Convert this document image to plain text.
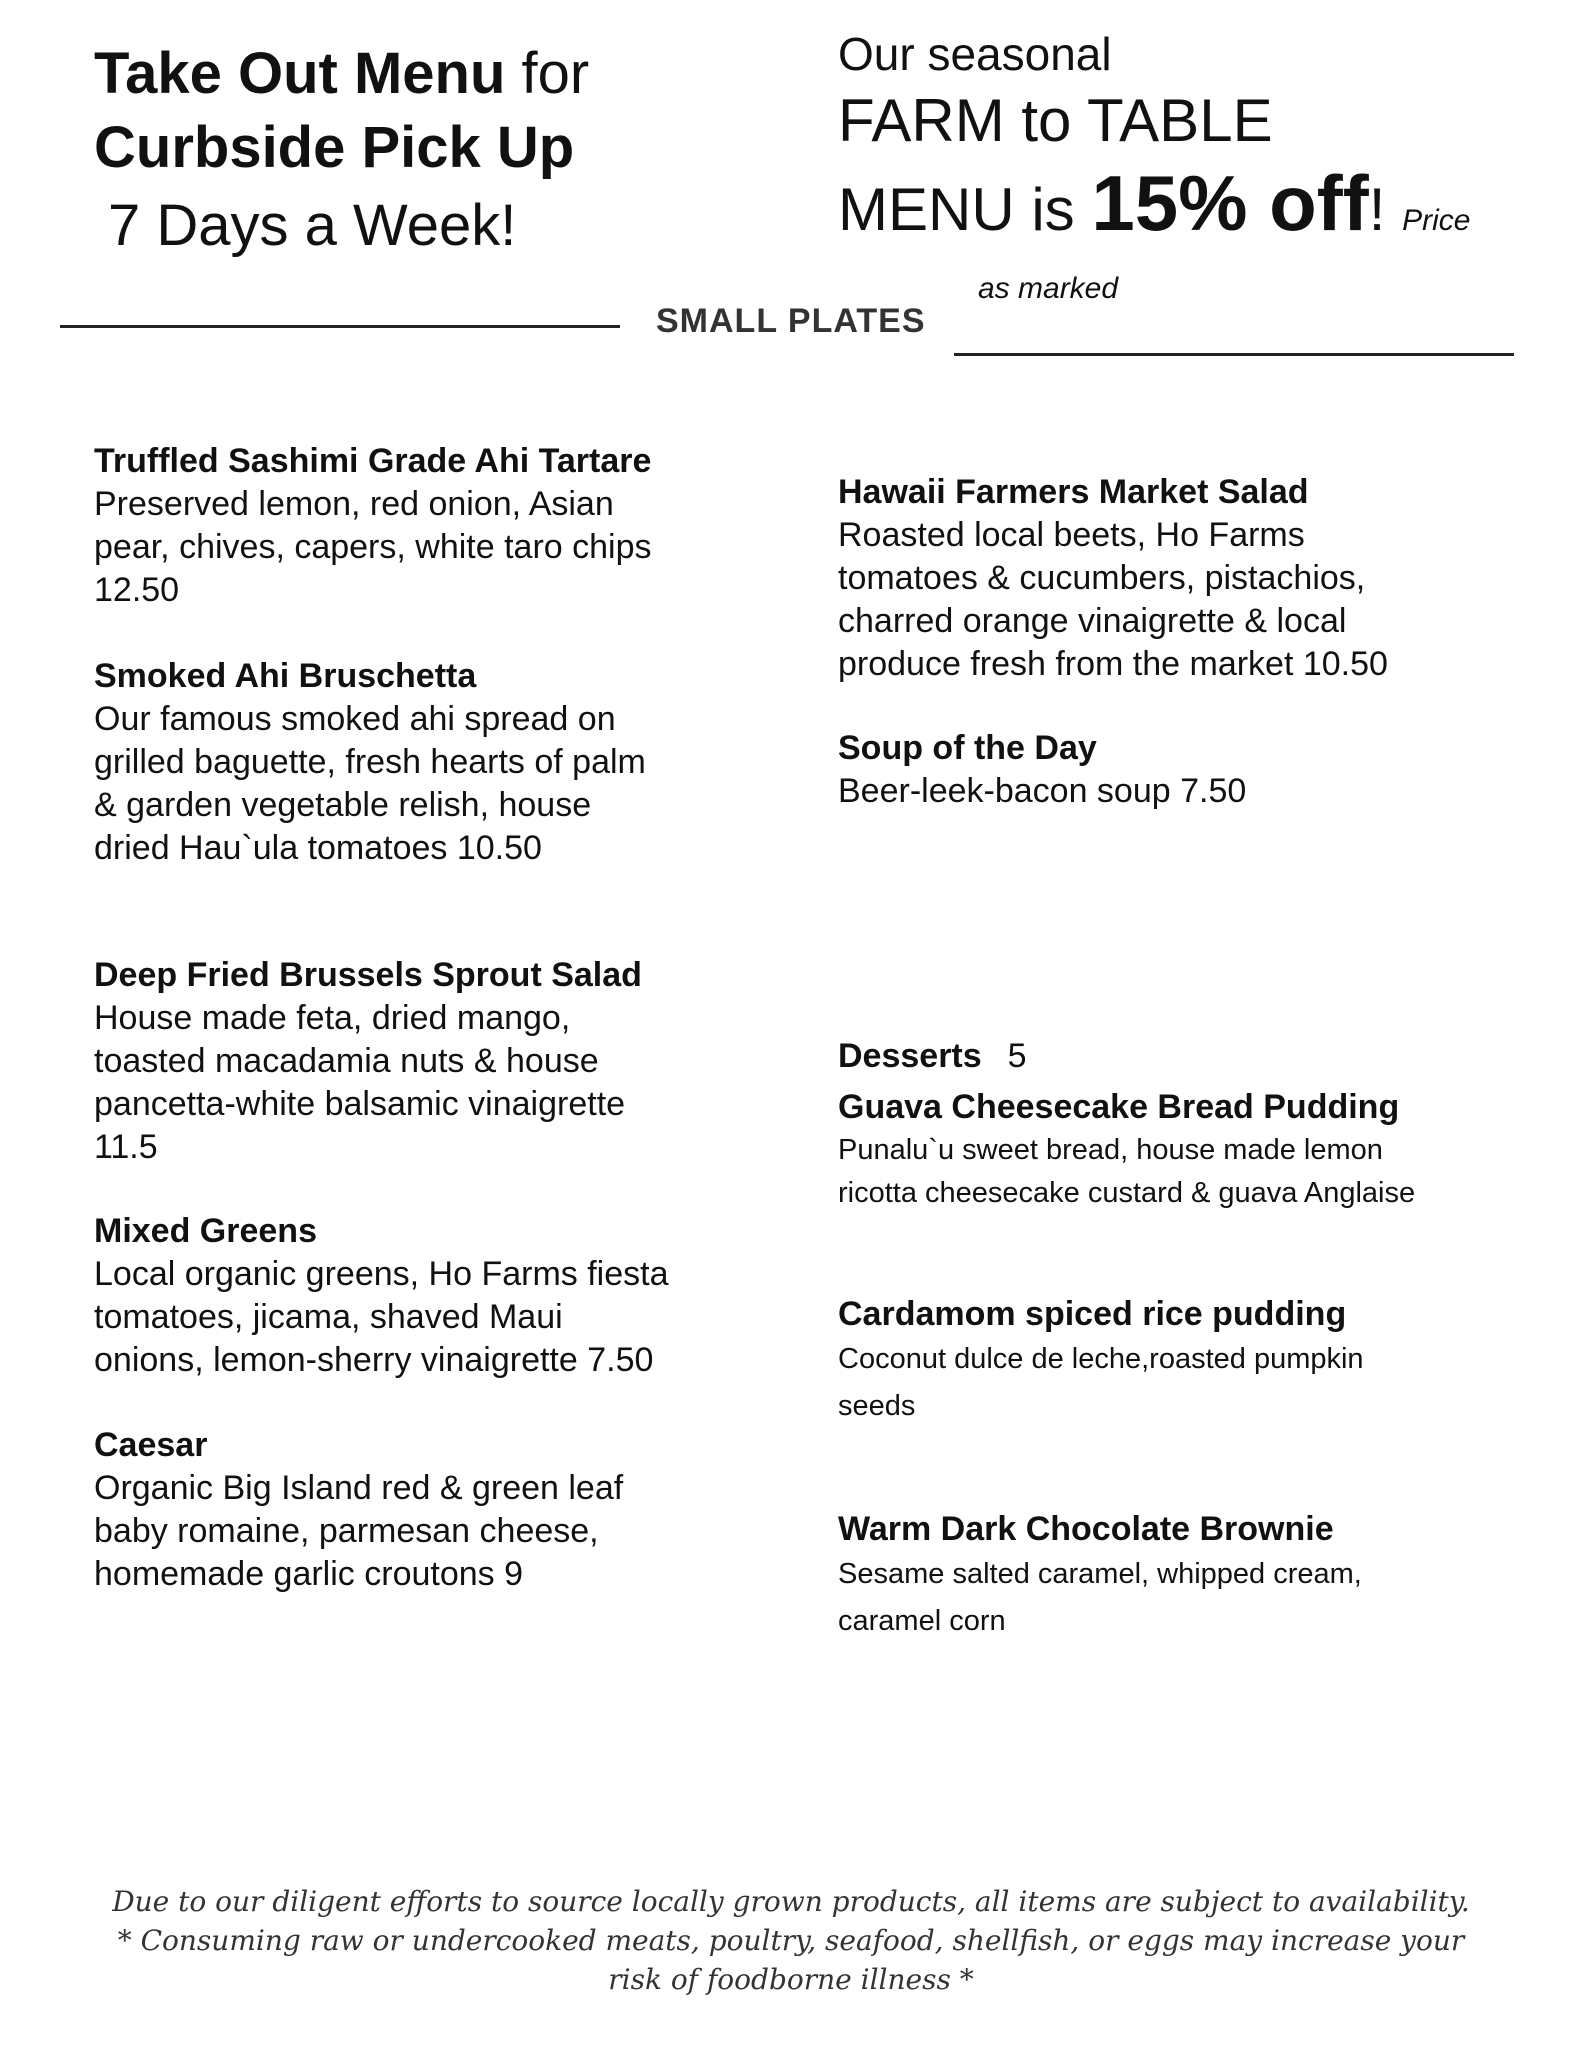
Take Out Menu for
Curbside Pick Up
7 Days a Week!
Our seasonal
FARM to TABLE
MENU is 15% off! Price
as marked
SMALL PLATES
Truffled Sashimi Grade Ahi Tartare
Preserved lemon, red onion, Asian
pear, chives, capers, white taro chips
12.50
Smoked Ahi Bruschetta
Our famous smoked ahi spread on
grilled baguette, fresh hearts of palm
& garden vegetable relish, house
dried Hau`ula tomatoes 10.50
Deep Fried Brussels Sprout Salad
House made feta, dried mango,
toasted macadamia nuts & house
pancetta-white balsamic vinaigrette
11.5
Mixed Greens
Local organic greens, Ho Farms fiesta
tomatoes, jicama, shaved Maui
onions, lemon-sherry vinaigrette 7.50
Caesar
Organic Big Island red & green leaf
baby romaine, parmesan cheese,
homemade garlic croutons 9
Hawaii Farmers Market Salad
Roasted local beets, Ho Farms
tomatoes & cucumbers, pistachios,
charred orange vinaigrette & local
produce fresh from the market 10.50
Soup of the Day
Beer-leek-bacon soup 7.50
Desserts 5
Guava Cheesecake Bread Pudding
Punalu`u sweet bread, house made lemon
ricotta cheesecake custard & guava Anglaise
Cardamom spiced rice pudding
Coconut dulce de leche,roasted pumpkin
seeds
Warm Dark Chocolate Brownie
Sesame salted caramel, whipped cream,
caramel corn
Due to our diligent efforts to source locally grown products, all items are subject to availability.
* Consuming raw or undercooked meats, poultry, seafood, shellfish, or eggs may increase your
risk of foodborne illness *
